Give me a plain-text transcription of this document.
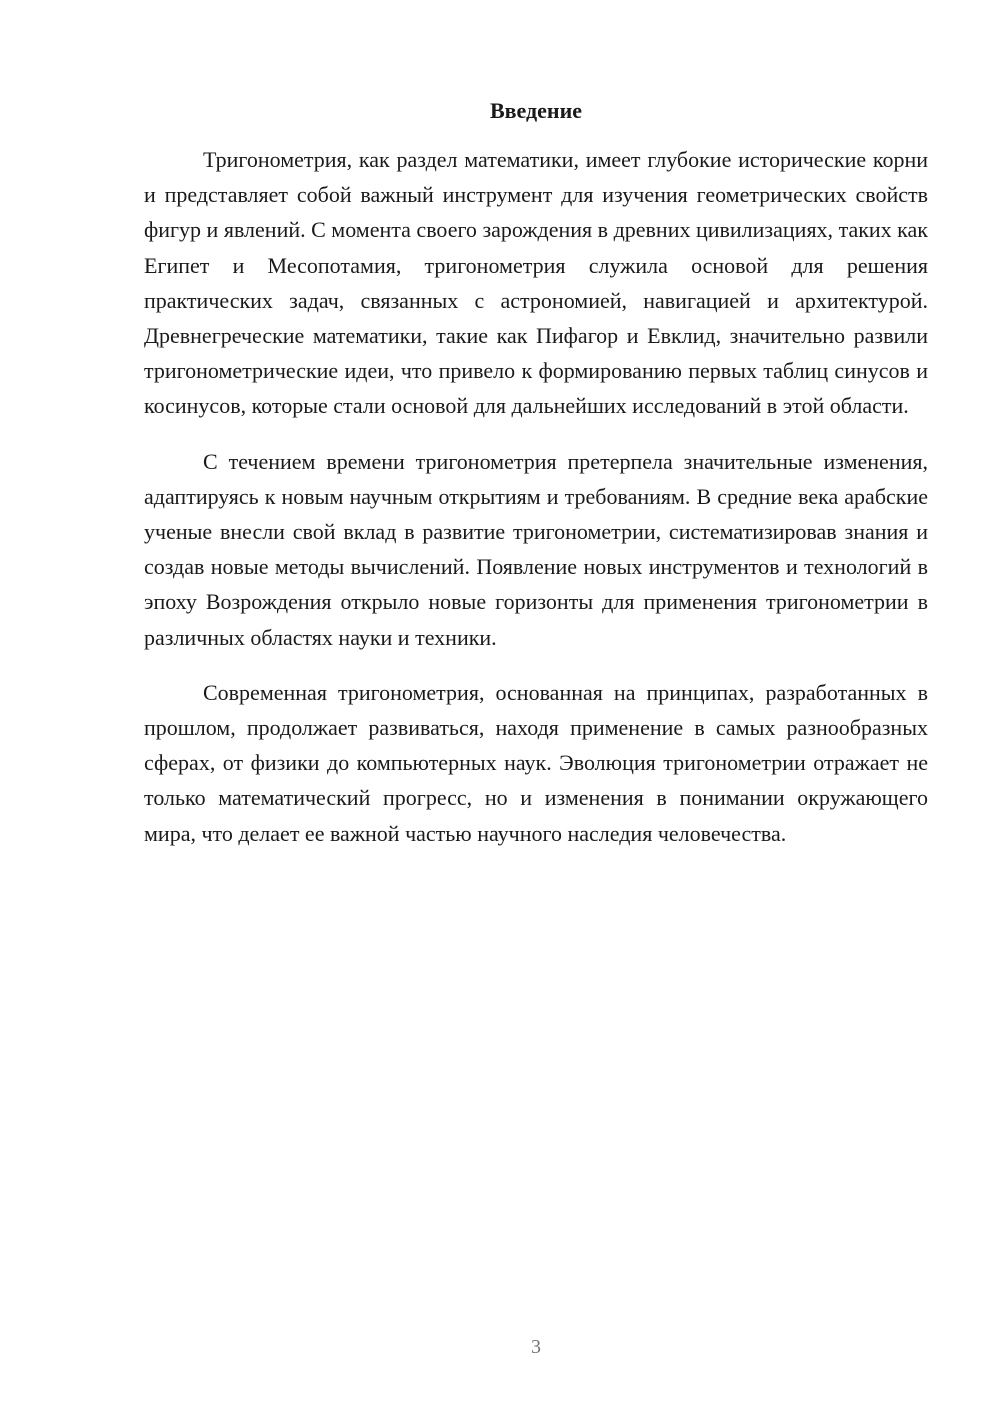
Введение

Тригонометрия, как раздел математики, имеет глубокие исторические корни и представляет собой важный инструмент для изучения геометрических свойств фигур и явлений. С момента своего зарождения в древних цивилизациях, таких как Египет и Месопотамия, тригонометрия служила основой для решения практических задач, связанных с астрономией, навигацией и архитектурой. Древнегреческие математики, такие как Пифагор и Евклид, значительно развили тригонометрические идеи, что привело к формированию первых таблиц синусов и косинусов, которые стали основой для дальнейших исследований в этой области.

С течением времени тригонометрия претерпела значительные изменения, адаптируясь к новым научным открытиям и требованиям. В средние века арабские ученые внесли свой вклад в развитие тригонометрии, систематизировав знания и создав новые методы вычислений. Появление новых инструментов и технологий в эпоху Возрождения открыло новые горизонты для применения тригонометрии в различных областях науки и техники.

Современная тригонометрия, основанная на принципах, разработанных в прошлом, продолжает развиваться, находя применение в самых разнообразных сферах, от физики до компьютерных наук. Эволюция тригонометрии отражает не только математический прогресс, но и изменения в понимании окружающего мира, что делает ее важной частью научного наследия человечества.

3
